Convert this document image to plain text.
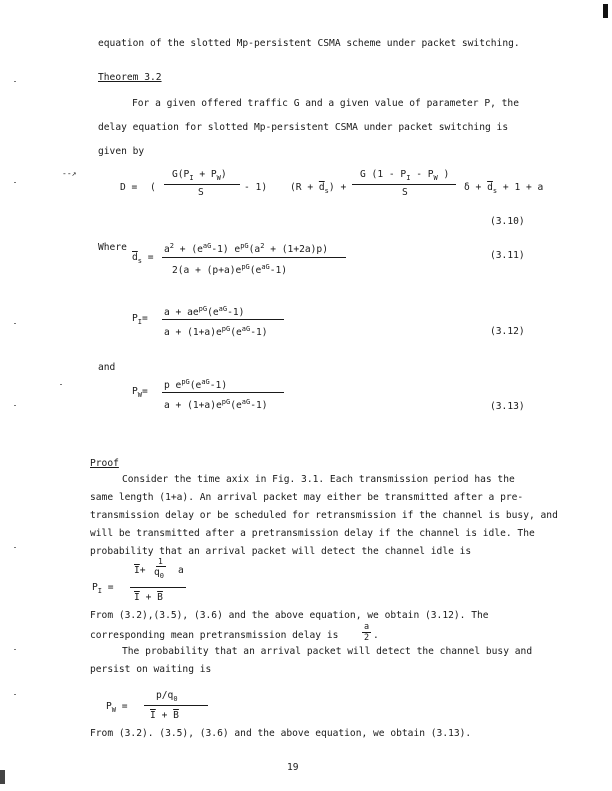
equation of the slotted Mp-persistent CSMA scheme under packet switching.
Theorem 3.2
For a given offered traffic G and a given value of parameter P, the
delay equation for slotted Mp-persistent CSMA under packet switching is
given by
--↗
D = (
$G(P_I + P_W)$
S	- 1) $(R + \overline{d}_s)$ +
G ($1 - P_I - P_W$ )
S	$\delta + \overline{d}_s + 1 + a$
(3.10)
Where
$\overline{d}_s$ =
$a^2 + (e^{aG}-1) e^{pG}(a^2 + (1+2a)p)$
$2(a + (p+a)e^{pG}(e^{aG}-1)$
(3.11)
$P_I=$
$a + ae^{pG}(e^{aG}-1)$
$a + (1+a)e^{pG}(e^{aG}-1)$	(3.12)
and
$P_W=$
p $e^{pG}(e^{aG}-1)$
$a + (1+a)e^{pG}(e^{aG}-1)$	(3.13)
Proof
Consider the time axix in Fig. 3.1. Each transmission period has the
same length (1+a). An arrival packet may either be transmitted after a pre-
transmission delay or be scheduled for retransmission if the channel is busy, and
will be transmitted after a pretransmission delay if the channel is idle. The
probability that an arrival packet will detect the channel idle is
$P_I$ =
$\overline{I}+$
1
$q_0$ a
$\overline{I} + \overline{B}$
From (3.2),(3.5), (3.6) and the above equation, we obtain (3.12). The
corresponding mean pretransmission delay is
a
2 .
The probability that an arrival packet will detect the channel busy and
persist on waiting is
$P_W$ =
$p/q_0$
$\overline{I} + \overline{B}$
From (3.2). (3.5), (3.6) and the above equation, we obtain (3.13).
19
